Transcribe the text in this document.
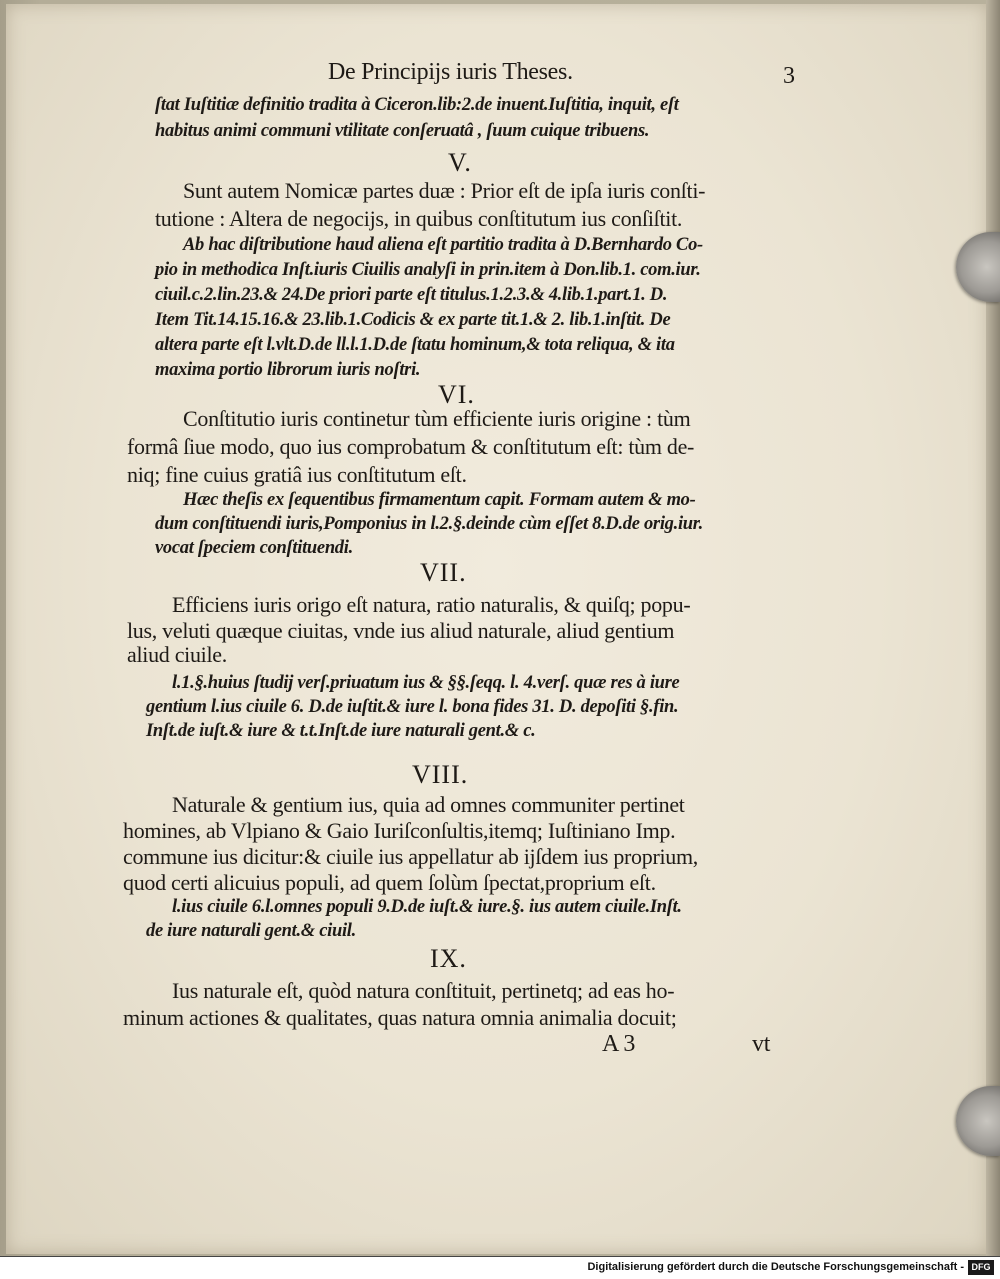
De Principijs iuris Theses.	3

ſtat Iuſtitiæ definitio tradita à Ciceron.lib:2.de inuent.Iuſtitia, inquit, eſt

habitus animi communi vtilitate conſeruatâ , ſuum cuique tribuens.

V.

Sunt autem Nomicæ partes duæ : Prior eſt de ipſa iuris conſti-

tutione : Altera de negocijs, in quibus conſtitutum ius conſiſtit.

Ab hac diſtributione haud aliena eſt partitio tradita à D.Bernhardo Co-

pio in methodica Inſt.iuris Ciuilis analyſi in prin.item à Don.lib.1. com.iur.

ciuil.c.2.lin.23.& 24.De priori parte eſt titulus.1.2.3.& 4.lib.1.part.1. D.

Item Tit.14.15.16.& 23.lib.1.Codicis & ex parte tit.1.& 2. lib.1.inſtit. De

altera parte eſt l.vlt.D.de ll.l.1.D.de ſtatu hominum,& tota reliqua, & ita

maxima portio librorum iuris noſtri.

VI.

Conſtitutio iuris continetur tùm efficiente iuris origine : tùm

formâ ſiue modo, quo ius comprobatum & conſtitutum eſt: tùm de-

niq; fine cuius gratiâ ius conſtitutum eſt.

Hæc theſis ex ſequentibus firmamentum capit. Formam autem & mo-

dum conſtituendi iuris,Pomponius in l.2.§.deinde cùm eſſet 8.D.de orig.iur.

vocat ſpeciem conſtituendi.

VII.

Efficiens iuris origo eſt natura, ratio naturalis, & quiſq; popu-

lus, veluti quæque ciuitas, vnde ius aliud naturale, aliud gentium

aliud ciuile.

l.1.§.huius ſtudij verſ.priuatum ius & §§.ſeqq. l. 4.verſ. quæ res à iure

gentium l.ius ciuile 6. D.de iuſtit.& iure l. bona fides 31. D. depoſiti §.fin.

Inſt.de iuſt.& iure & t.t.Inſt.de iure naturali gent.& c.

VIII.

Naturale & gentium ius, quia ad omnes communiter pertinet

homines, ab Vlpiano & Gaio Iuriſconſultis,itemq; Iuſtiniano Imp.

commune ius dicitur:& ciuile ius appellatur ab ijſdem ius proprium,

quod certi alicuius populi, ad quem ſolùm ſpectat,proprium eſt.

l.ius ciuile 6.l.omnes populi 9.D.de iuſt.& iure.§. ius autem ciuile.Inſt.

de iure naturali gent.& ciuil.

IX.

Ius naturale eſt, quòd natura conſtituit, pertinetq; ad eas ho-

minum actiones & qualitates, quas natura omnia animalia docuit;

A 3	vt

Digitalisierung gefördert durch die Deutsche Forschungsgemeinschaft - DFG
